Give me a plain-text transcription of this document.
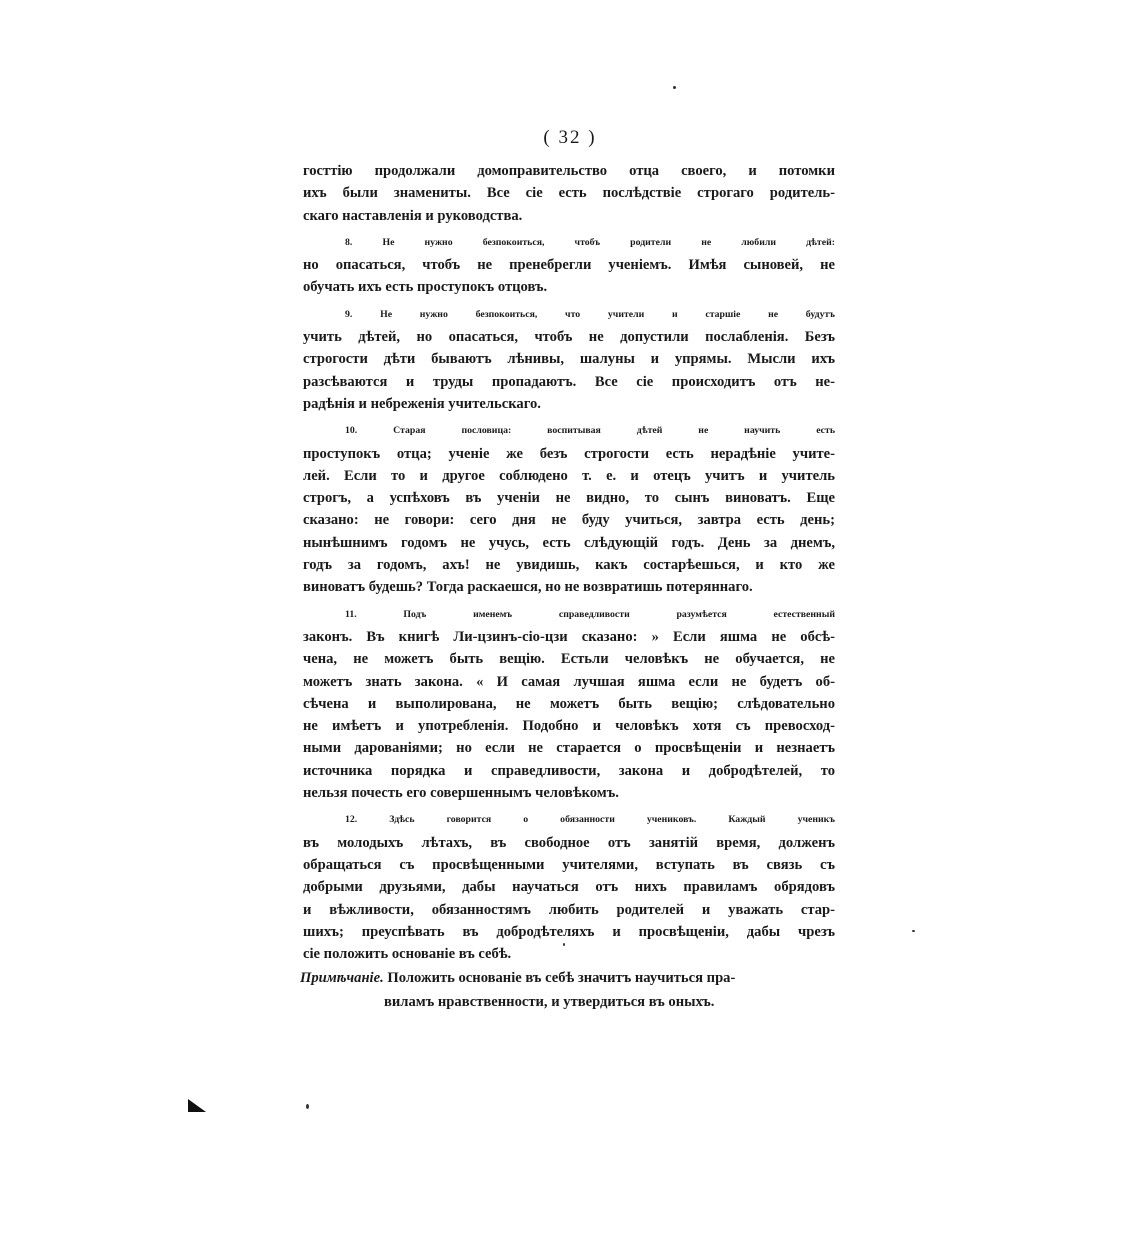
( 32 )
госттію продолжали домоправительство отца своего, и потомки
ихъ были знамениты. Все сіе есть послѣдствіе строгаго родитель-
скаго наставленія и руководства.
8. Не нужно безпокоиться, чтобъ родители не любили дѣтей:
но опасаться, чтобъ не пренебрегли ученіемъ. Имѣя сыновей, не
обучать ихъ есть проступокъ отцовъ.
9. Не нужно безпокоиться, что учители и старшіе не будутъ
учить дѣтей, но опасаться, чтобъ не допустили послабленія. Безъ
строгости дѣти бываютъ лѣнивы, шалуны и упрямы. Мысли ихъ
разсѣваются и труды пропадаютъ. Все сіе происходитъ отъ не-
радѣнія и небреженія учительскаго.
10. Старая пословица: воспитывая дѣтей не научить есть
проступокъ отца; ученіе же безъ строгости есть нерадѣніе учите-
лей. Если то и другое соблюдено т. е. и отецъ учитъ и учитель
строгъ, а успѣховъ въ ученіи не видно, то сынъ виноватъ. Еще
сказано: не говори: сего дня не буду учиться, завтра есть день;
нынѣшнимъ годомъ не учусь, есть слѣдующій годъ. День за днемъ,
годъ за годомъ, ахъ! не увидишь, какъ состарѣешься, и кто же
виноватъ будешь? Тогда раскаешся, но не возвратишь потеряннаго.
11. Подъ именемъ справедливости разумѣется естественный
законъ. Въ книгѣ Ли-цзинъ-сіо-цзи сказано: » Если яшма не обсѣ-
чена, не можетъ быть вещію. Естьли человѣкъ не обучается, не
можетъ знать закона. « И самая лучшая яшма если не будетъ об-
сѣчена и выполирована, не можетъ быть вещію; слѣдовательно
не имѣетъ и употребленія. Подобно и человѣкъ хотя съ превосход-
ными дарованіями; но если не старается о просвѣщеніи и незнаетъ
источника порядка и справедливости, закона и добродѣтелей, то
нельзя почесть его совершеннымъ человѣкомъ.
12. Здѣсь говорится о обязанности учениковъ. Каждый ученикъ
въ молодыхъ лѣтахъ, въ свободное отъ занятій время, долженъ
обращаться съ просвѣщенными учителями, вступать въ связь съ
добрыми друзьями, дабы научаться отъ нихъ правиламъ обрядовъ
и вѣжливости, обязанностямъ любить родителей и уважать стар-
шихъ; преуспѣвать въ добродѣтеляхъ и просвѣщеніи, дабы чрезъ
сіе положить основаніе въ себѣ.
Примѣчаніе. Положить основаніе въ себѣ значитъ научиться пра-
виламъ нравственности, и утвердиться въ оныхъ.
